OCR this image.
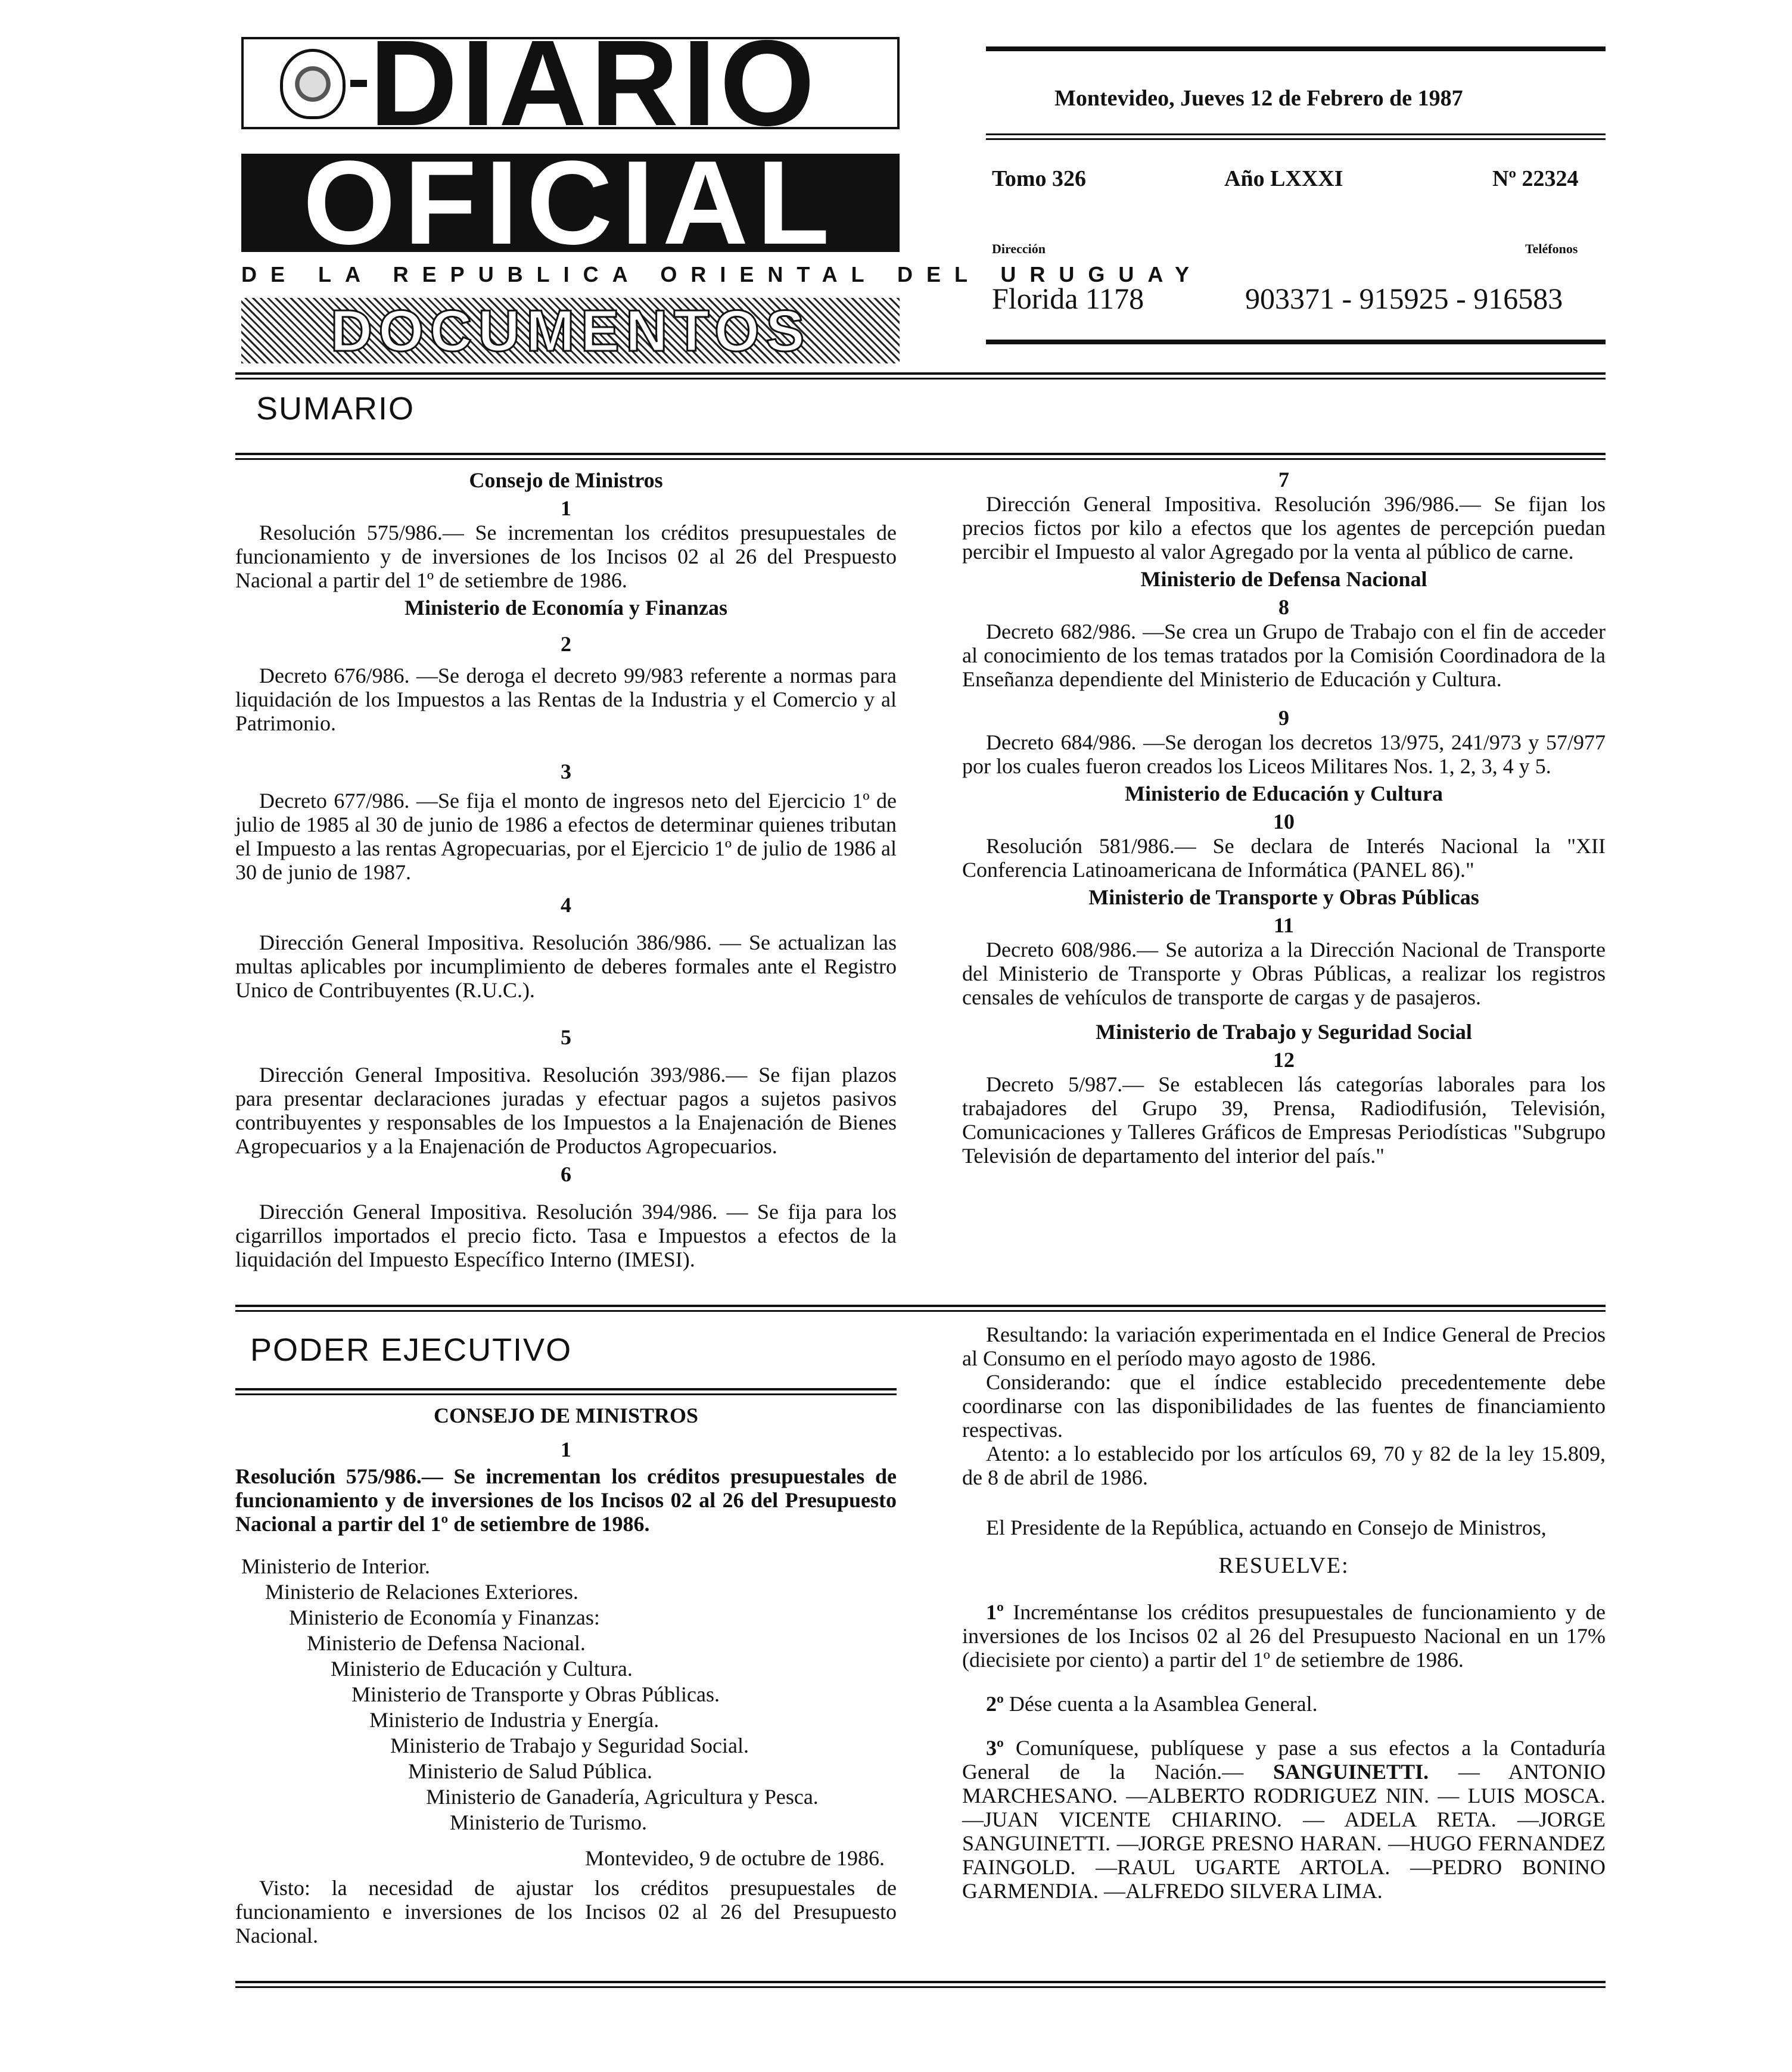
DIARIO
OFICIAL
DE LA REPUBLICA ORIENTAL DEL URUGUAY
DOCUMENTOS
Montevideo, Jueves 12 de Febrero de 1987
Tomo 326	Año LXXXI	Nº 22324
Dirección	Teléfonos
Florida 1178	903371 - 915925 - 916583
SUMARIO
Consejo de Ministros
1

Resolución 575/986.— Se incrementan los créditos presupuestales de funcionamiento y de inversiones de los Incisos 02 al 26 del Prespuesto Nacional a partir del 1º de setiembre de 1986.

Ministerio de Economía y Finanzas
2

Decreto 676/986. —Se deroga el decreto 99/983 referente a normas para liquidación de los Impuestos a las Rentas de la Industria y el Comercio y al Patrimonio.

3

Decreto 677/986. —Se fija el monto de ingresos neto del Ejercicio 1º de julio de 1985 al 30 de junio de 1986 a efectos de determinar quienes tributan el Impuesto a las rentas Agropecuarias, por el Ejercicio 1º de julio de 1986 al 30 de junio de 1987.

4

Dirección General Impositiva. Resolución 386/986. — Se actualizan las multas aplicables por incumplimiento de deberes formales ante el Registro Unico de Contribuyentes (R.U.C.).

5

Dirección General Impositiva. Resolución 393/986.— Se fijan plazos para presentar declaraciones juradas y efectuar pagos a sujetos pasivos contribuyentes y responsables de los Impuestos a la Enajenación de Bienes Agropecuarios y a la Enajenación de Productos Agropecuarios.

6

Dirección General Impositiva. Resolución 394/986. — Se fija para los cigarrillos importados el precio ficto. Tasa e Impuestos a efectos de la liquidación del Impuesto Específico Interno (IMESI).

7

Dirección General Impositiva. Resolución 396/986.— Se fijan los precios fictos por kilo a efectos que los agentes de percepción puedan percibir el Impuesto al valor Agregado por la venta al público de carne.

Ministerio de Defensa Nacional
8

Decreto 682/986. —Se crea un Grupo de Trabajo con el fin de acceder al conocimiento de los temas tratados por la Comisión Coordinadora de la Enseñanza dependiente del Ministerio de Educación y Cultura.

9

Decreto 684/986. —Se derogan los decretos 13/975, 241/973 y 57/977 por los cuales fueron creados los Liceos Militares Nos. 1, 2, 3, 4 y 5.

Ministerio de Educación y Cultura
10

Resolución 581/986.— Se declara de Interés Nacional la "XII Conferencia Latinoamericana de Informática (PANEL 86)."

Ministerio de Transporte y Obras Públicas
11

Decreto 608/986.— Se autoriza a la Dirección Nacional de Transporte del Ministerio de Transporte y Obras Públicas, a realizar los registros censales de vehículos de transporte de cargas y de pasajeros.

Ministerio de Trabajo y Seguridad Social
12

Decreto 5/987.— Se establecen lás categorías laborales para los trabajadores del Grupo 39, Prensa, Radiodifusión, Televisión, Comunicaciones y Talleres Gráficos de Empresas Periodísticas "Subgrupo Televisión de departamento del interior del país."

PODER EJECUTIVO
CONSEJO DE MINISTROS
1
Resolución 575/986.— Se incrementan los créditos presupuestales de funcionamiento y de inversiones de los Incisos 02 al 26 del Presupuesto Nacional a partir del 1º de setiembre de 1986.
Ministerio de Interior.
Ministerio de Relaciones Exteriores.
Ministerio de Economía y Finanzas:
Ministerio de Defensa Nacional.
Ministerio de Educación y Cultura.
Ministerio de Transporte y Obras Públicas.
Ministerio de Industria y Energía.
Ministerio de Trabajo y Seguridad Social.
Ministerio de Salud Pública.
Ministerio de Ganadería, Agricultura y Pesca.
Ministerio de Turismo.
Montevideo, 9 de octubre de 1986.

Visto: la necesidad de ajustar los créditos presupuestales de funcionamiento e inversiones de los Incisos 02 al 26 del Presupuesto Nacional.

Resultando: la variación experimentada en el Indice General de Precios al Consumo en el período mayo agosto de 1986.

Considerando: que el índice establecido precedentemente debe coordinarse con las disponibilidades de las fuentes de financiamiento respectivas.

Atento: a lo establecido por los artículos 69, 70 y 82 de la ley 15.809, de 8 de abril de 1986.

El Presidente de la República, actuando en Consejo de Ministros,

RESUELVE:

1º Increméntanse los créditos presupuestales de funcionamiento y de inversiones de los Incisos 02 al 26 del Presupuesto Nacional en un 17% (diecisiete por ciento) a partir del 1º de setiembre de 1986.

2º Dése cuenta a la Asamblea General.

3º Comuníquese, publíquese y pase a sus efectos a la Contaduría General de la Nación.— SANGUINETTI. — ANTONIO MARCHESANO. —ALBERTO RODRIGUEZ NIN. — LUIS MOSCA. —JUAN VICENTE CHIARINO. — ADELA RETA. —JORGE SANGUINETTI. —JORGE PRESNO HARAN. —HUGO FERNANDEZ FAINGOLD. —RAUL UGARTE ARTOLA. —PEDRO BONINO GARMENDIA. —ALFREDO SILVERA LIMA.
